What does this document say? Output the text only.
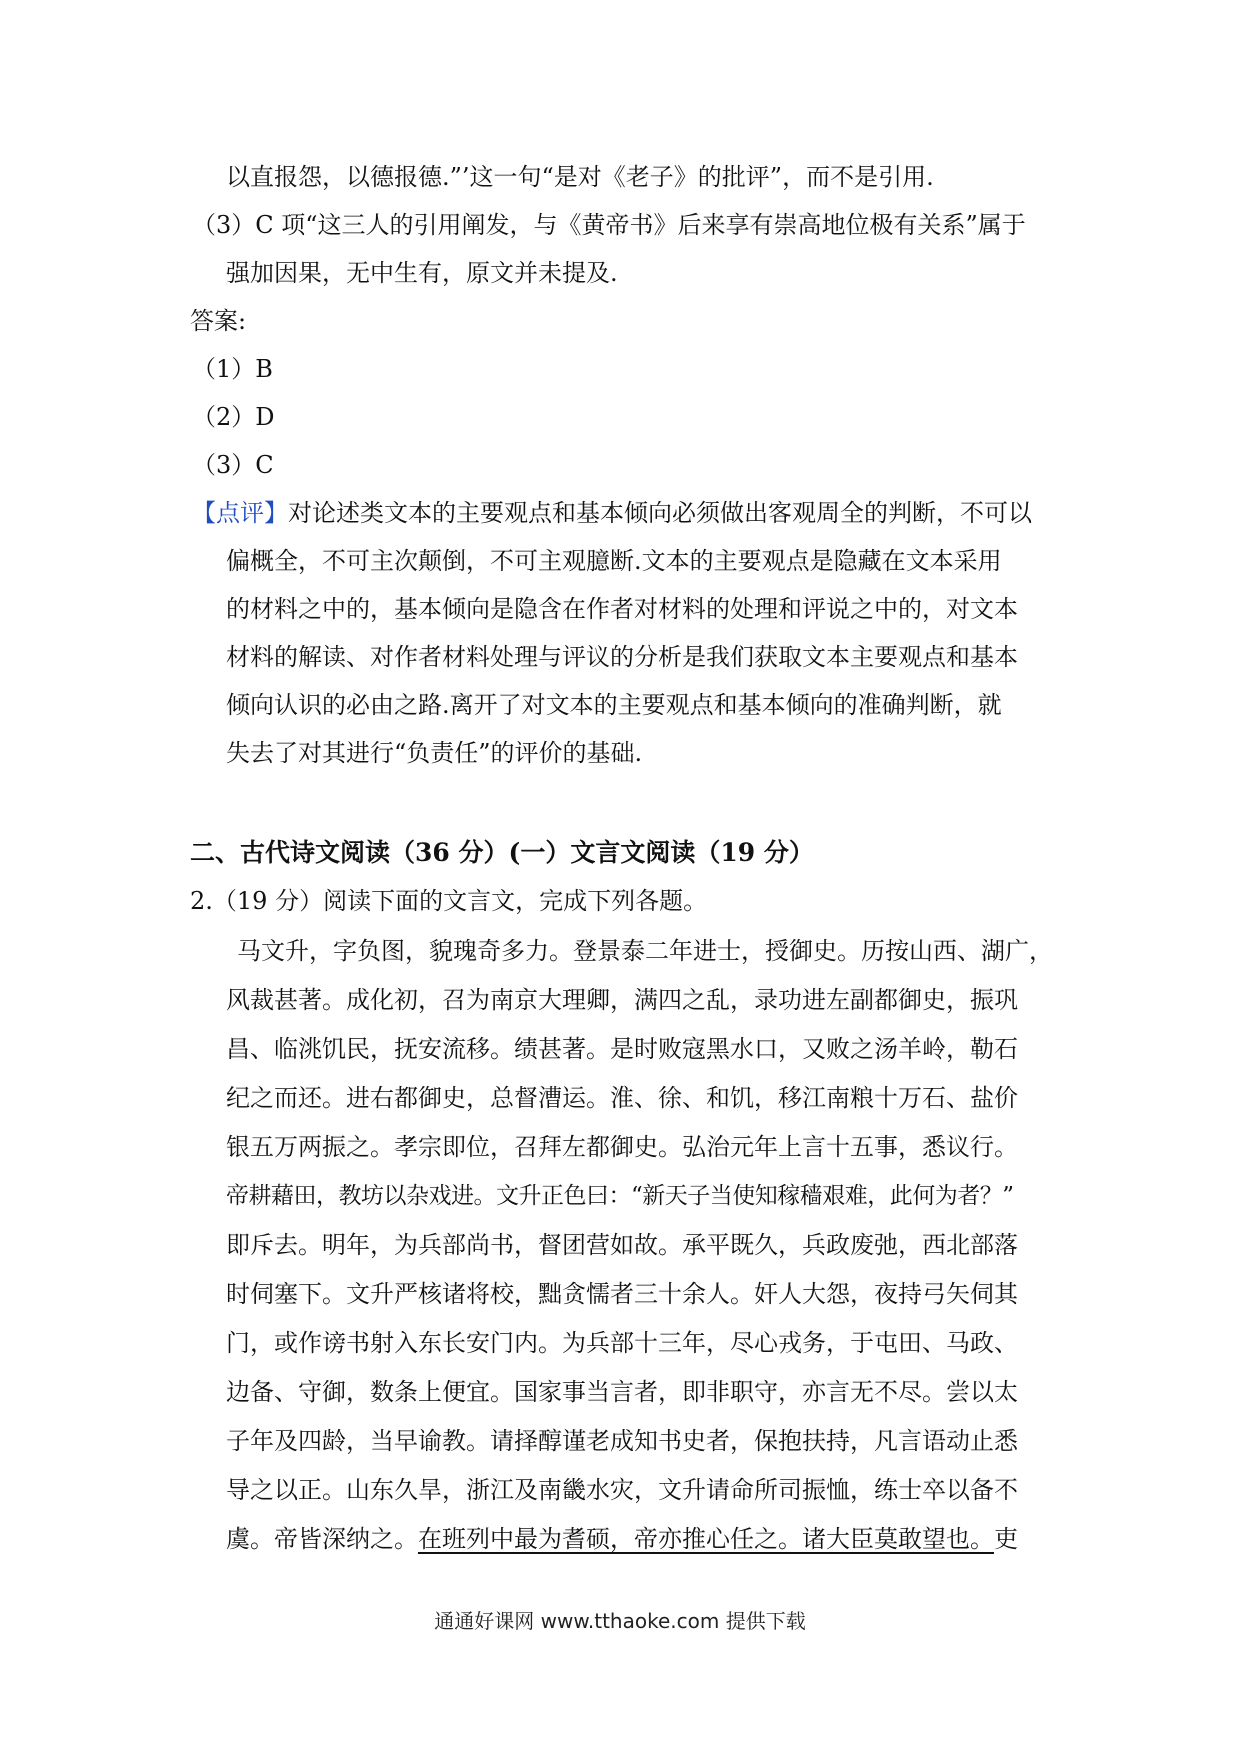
以直报怨，以德报德.”’这一句“是对《老子》的批评”，而不是引用.
（3）C 项“这三人的引用阐发，与《黄帝书》后来享有崇高地位极有关系”属于
强加因果，无中生有，原文并未提及.
答案:
（1）B
（2）D
（3）C
【点评】对论述类文本的主要观点和基本倾向必须做出客观周全的判断，不可以
偏概全，不可主次颠倒，不可主观臆断.文本的主要观点是隐藏在文本采用
的材料之中的，基本倾向是隐含在作者对材料的处理和评说之中的，对文本
材料的解读、对作者材料处理与评议的分析是我们获取文本主要观点和基本
倾向认识的必由之路.离开了对文本的主要观点和基本倾向的准确判断，就
失去了对其进行“负责任”的评价的基础.
二、古代诗文阅读（36 分）(一）文言文阅读（19 分）
2.（19 分）阅读下面的文言文，完成下列各题。
马文升，字负图，貌瑰奇多力。登景泰二年进士，授御史。历按山西、湖广，
风裁甚著。成化初，召为南京大理卿，满四之乱，录功进左副都御史，振巩
昌、临洮饥民，抚安流移。绩甚著。是时败寇黑水口，又败之汤羊岭，勒石
纪之而还。进右都御史，总督漕运。淮、徐、和饥，移江南粮十万石、盐价
银五万两振之。孝宗即位，召拜左都御史。弘治元年上言十五事，悉议行。
帝耕藉田，教坊以杂戏进。文升正色曰：“新天子当使知稼穑艰难，此何为者？”
即斥去。明年，为兵部尚书，督团营如故。承平既久，兵政废弛，西北部落
时伺塞下。文升严核诸将校，黜贪懦者三十余人。奸人大怨，夜持弓矢伺其
门，或作谤书射入东长安门内。为兵部十三年，尽心戎务，于屯田、马政、
边备、守御，数条上便宜。国家事当言者，即非职守，亦言无不尽。尝以太
子年及四龄，当早谕教。请择醇谨老成知书史者，保抱扶持，凡言语动止悉
导之以正。山东久旱，浙江及南畿水灾，文升请命所司振恤，练士卒以备不
虞。帝皆深纳之。在班列中最为耆硕，帝亦推心任之。诸大臣莫敢望也。吏
通通好课网 www.tthaoke.com 提供下载
